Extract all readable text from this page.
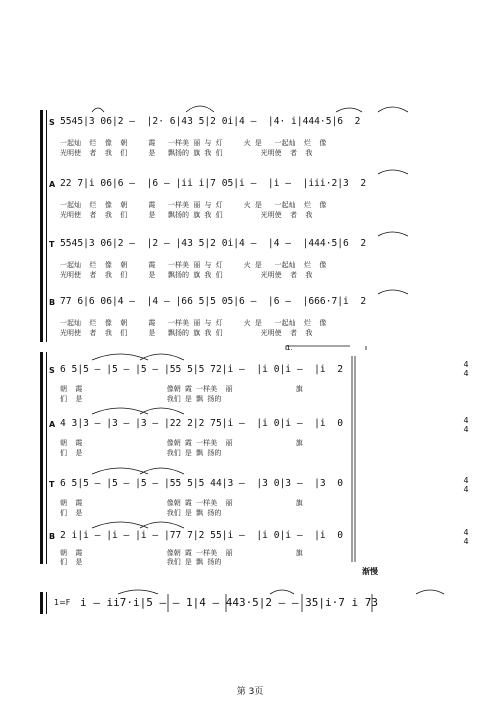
S 5545|3 06|2 –  |2· 6|43 5|2 0i|4 –  |4· i|444·5|6  2
一起灿  烂  像  朝     霞   一样美 丽 与 灯     火 是   一起灿  烂  像
光明使  者  我  们     是   飘扬的 旗 我 们         光明使  者  我
A 22 7|i 06|6 –  |6 – |ii i|7 05|i –  |i –  |iii·2|3  2
一起灿  烂  像  朝     霞   一样美 丽 与 灯     火 是   一起灿  烂  像
光明使  者  我  们     是   飘扬的 旗 我 们         光明使  者  我
T 5545|3 06|2 –  |2 – |43 5|2 0i|4 –  |4 –  |444·5|6  2
一起灿  烂  像  朝     霞   一样美 丽 与 灯     火 是   一起灿  烂  像
光明使  者  我  们     是   飘扬的 旗 我 们         光明使  者  我
B 77 6|6 06|4 –  |4 – |66 5|5 05|6 –  |6 –  |666·7|i  2
一起灿  烂  像  朝     霞   一样美 丽 与 灯     火 是   一起灿  烂  像
光明使  者  我  们     是   飘扬的 旗 我 们         光明使  者  我
S 6 5|5 – |5 – |5 – |55 5|5 72|i –  |i 0|i –  |i  2
朝  霞                    像朝 霞 一样美  丽               旗
们  是                    我们 是 飘 扬的
A 4 3|3 – |3 – |3 – |22 2|2 75|i –  |i 0|i –  |i  0
朝  霞                    像朝 霞 一样美  丽               旗
们  是                    我们 是 飘 扬的
T 6 5|5 – |5 – |5 – |55 5|5 44|3 –  |3 0|3 –  |3  0
朝  霞                    像朝 霞 一样美  丽               旗
们  是                    我们 是 飘 扬的
B 2 i|i – |i – |i – |77 7|2 55|i –  |i 0|i –  |i  0
朝  霞                    像朝 霞 一样美  丽               旗
们  是                    我们 是 飘 扬的
4
4
4
4
4
4
4
4
1.
渐慢
1=F i – ii7·i|5 – – 1|4 – 443·5|2 – – 35|i·7 i 73
第 3页
